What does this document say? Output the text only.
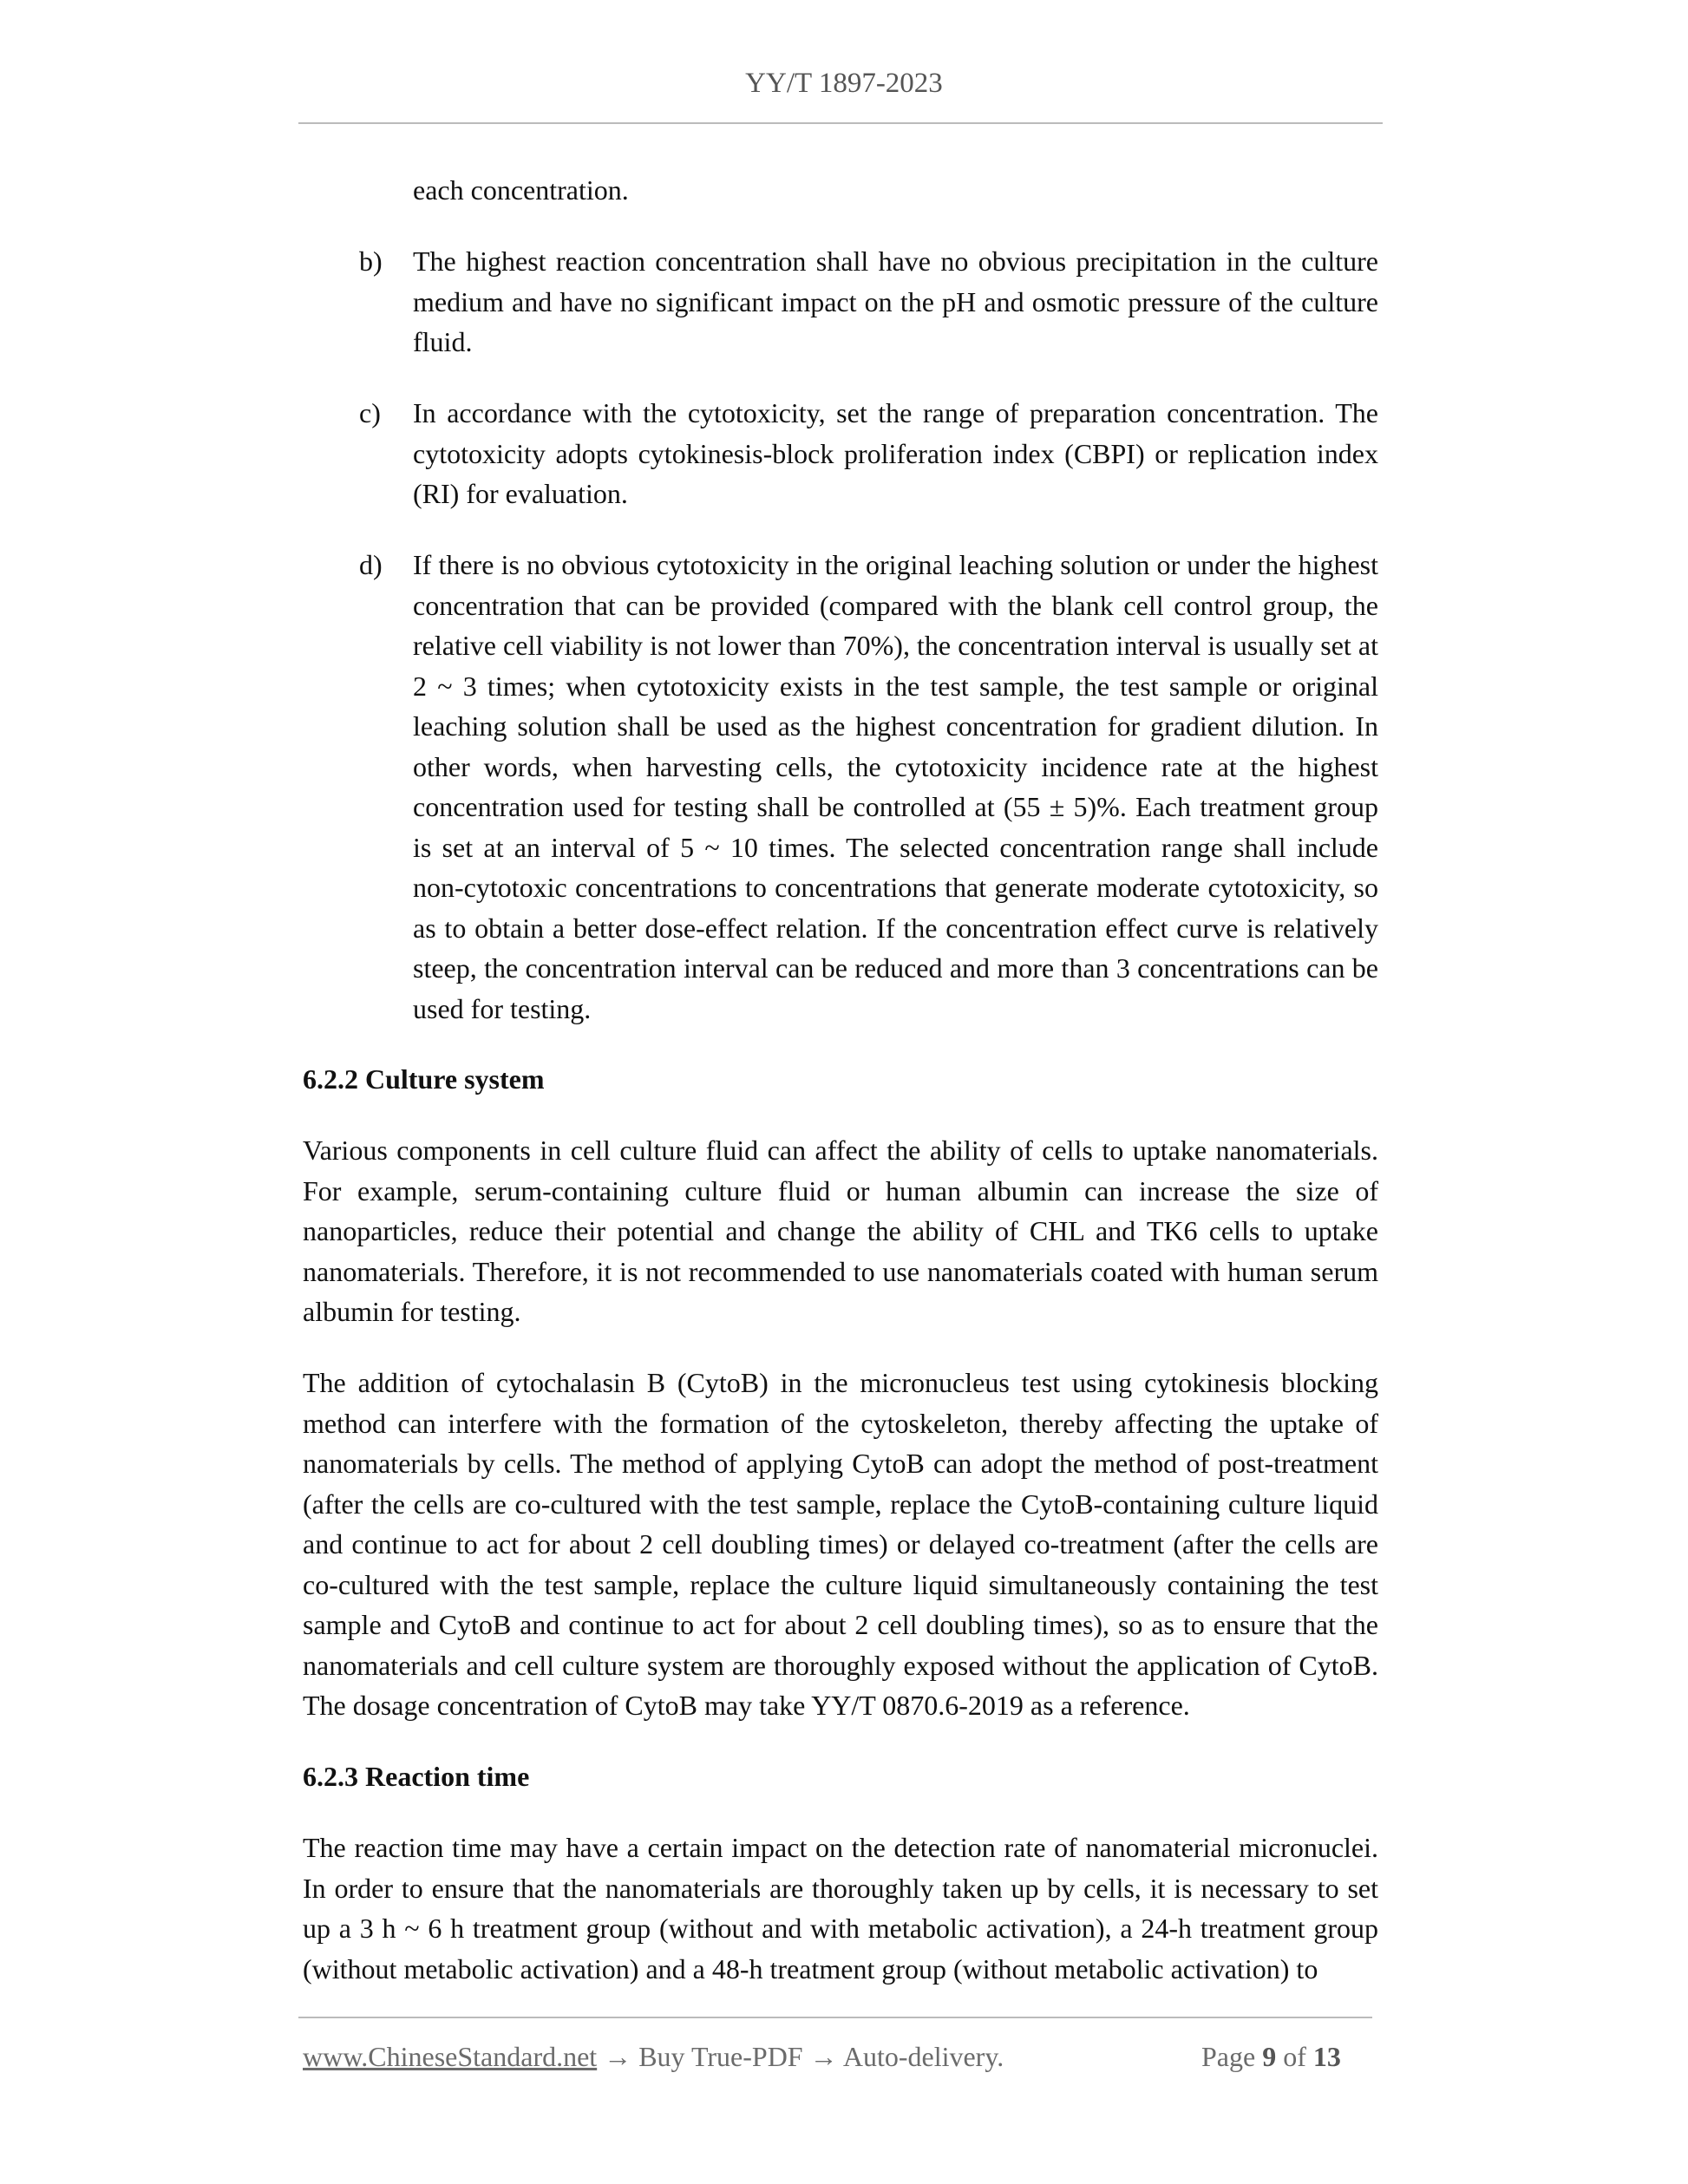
YY/T 1897-2023

each concentration.

b) The highest reaction concentration shall have no obvious precipitation in the culture medium and have no significant impact on the pH and osmotic pressure of the culture fluid.

c) In accordance with the cytotoxicity, set the range of preparation concentration. The cytotoxicity adopts cytokinesis-block proliferation index (CBPI) or replication index (RI) for evaluation.

d) If there is no obvious cytotoxicity in the original leaching solution or under the highest concentration that can be provided (compared with the blank cell control group, the relative cell viability is not lower than 70%), the concentration interval is usually set at 2 ~ 3 times; when cytotoxicity exists in the test sample, the test sample or original leaching solution shall be used as the highest concentration for gradient dilution. In other words, when harvesting cells, the cytotoxicity incidence rate at the highest concentration used for testing shall be controlled at (55 ± 5)%. Each treatment group is set at an interval of 5 ~ 10 times. The selected concentration range shall include non-cytotoxic concentrations to concentrations that generate moderate cytotoxicity, so as to obtain a better dose-effect relation. If the concentration effect curve is relatively steep, the concentration interval can be reduced and more than 3 concentrations can be used for testing.

6.2.2 Culture system

Various components in cell culture fluid can affect the ability of cells to uptake nanomaterials. For example, serum-containing culture fluid or human albumin can increase the size of nanoparticles, reduce their potential and change the ability of CHL and TK6 cells to uptake nanomaterials. Therefore, it is not recommended to use nanomaterials coated with human serum albumin for testing.

The addition of cytochalasin B (CytoB) in the micronucleus test using cytokinesis blocking method can interfere with the formation of the cytoskeleton, thereby affecting the uptake of nanomaterials by cells. The method of applying CytoB can adopt the method of post-treatment (after the cells are co-cultured with the test sample, replace the CytoB-containing culture liquid and continue to act for about 2 cell doubling times) or delayed co-treatment (after the cells are co-cultured with the test sample, replace the culture liquid simultaneously containing the test sample and CytoB and continue to act for about 2 cell doubling times), so as to ensure that the nanomaterials and cell culture system are thoroughly exposed without the application of CytoB. The dosage concentration of CytoB may take YY/T 0870.6-2019 as a reference.

6.2.3 Reaction time

The reaction time may have a certain impact on the detection rate of nanomaterial micronuclei. In order to ensure that the nanomaterials are thoroughly taken up by cells, it is necessary to set up a 3 h ~ 6 h treatment group (without and with metabolic activation), a 24-h treatment group (without metabolic activation) and a 48-h treatment group (without metabolic activation) to

www.ChineseStandard.net → Buy True-PDF → Auto-delivery.	Page 9 of 13
